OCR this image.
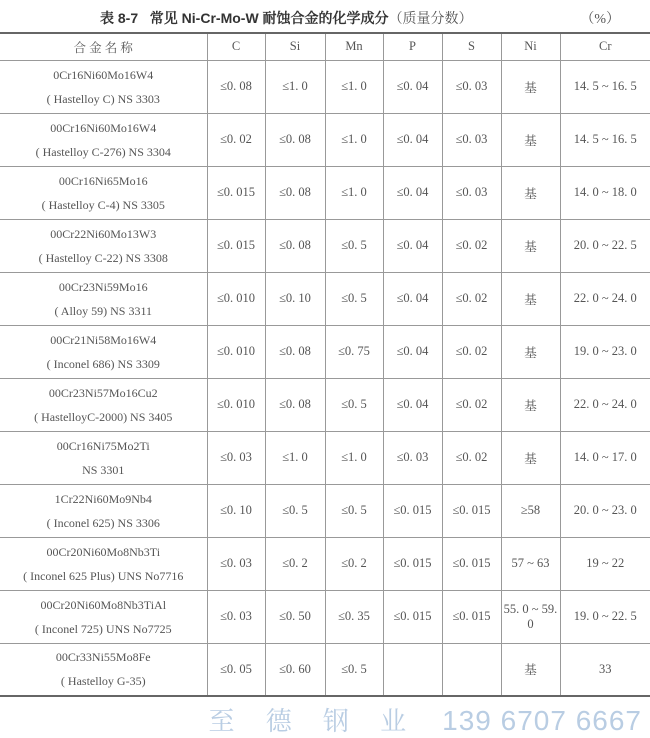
表 8-7 常见 Ni-Cr-Mo-W 耐蚀合金的化学成分（质量分数）	（%）
合 金 名 称	C	Si	Mn	P	S	Ni	Cr

0Cr16Ni60Mo16W4
( Hastelloy C) NS 3303	≤0. 08	≤1. 0	≤1. 0	≤0. 04	≤0. 03	基	14. 5 ~ 16. 5

00Cr16Ni60Mo16W4
( Hastelloy C-276) NS 3304	≤0. 02	≤0. 08	≤1. 0	≤0. 04	≤0. 03	基	14. 5 ~ 16. 5

00Cr16Ni65Mo16
( Hastelloy C-4) NS 3305	≤0. 015	≤0. 08	≤1. 0	≤0. 04	≤0. 03	基	14. 0 ~ 18. 0

00Cr22Ni60Mo13W3
( Hastelloy C-22) NS 3308	≤0. 015	≤0. 08	≤0. 5	≤0. 04	≤0. 02	基	20. 0 ~ 22. 5

00Cr23Ni59Mo16
( Alloy 59) NS 3311	≤0. 010	≤0. 10	≤0. 5	≤0. 04	≤0. 02	基	22. 0 ~ 24. 0

00Cr21Ni58Mo16W4
( Inconel 686) NS 3309	≤0. 010	≤0. 08	≤0. 75	≤0. 04	≤0. 02	基	19. 0 ~ 23. 0

00Cr23Ni57Mo16Cu2
( HastelloyC-2000) NS 3405	≤0. 010	≤0. 08	≤0. 5	≤0. 04	≤0. 02	基	22. 0 ~ 24. 0

00Cr16Ni75Mo2Ti
NS 3301	≤0. 03	≤1. 0	≤1. 0	≤0. 03	≤0. 02	基	14. 0 ~ 17. 0

1Cr22Ni60Mo9Nb4
( Inconel 625) NS 3306	≤0. 10	≤0. 5	≤0. 5	≤0. 015	≤0. 015	≥58	20. 0 ~ 23. 0

00Cr20Ni60Mo8Nb3Ti
( Inconel 625 Plus) UNS No7716	≤0. 03	≤0. 2	≤0. 2	≤0. 015	≤0. 015	57 ~ 63	19 ~ 22

00Cr20Ni60Mo8Nb3TiAl
( Inconel 725) UNS No7725	≤0. 03	≤0. 50	≤0. 35	≤0. 015	≤0. 015	55. 0 ~ 59. 0	19. 0 ~ 22. 5

00Cr33Ni55Mo8Fe
( Hastelloy G-35)	≤0. 05	≤0. 60	≤0. 5			基	33
至 德 钢 业 139 6707 6667
